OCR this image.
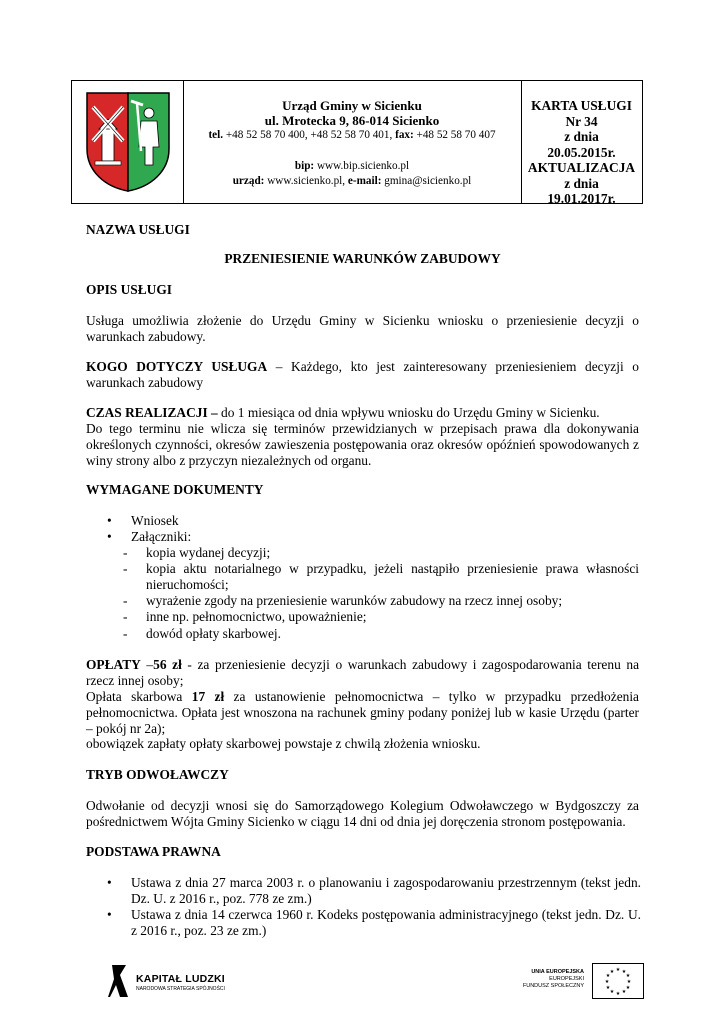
Urząd Gminy w Sicienku
ul. Mrotecka 9, 86-014 Sicienko
tel. +48 52 58 70 400, +48 52 58 70 401, fax: +48 52 58 70 407
bip: www.bip.sicienko.pl
urząd: www.sicienko.pl, e-mail: gmina@sicienko.pl
KARTA USŁUGI
Nr 34
z dnia
20.05.2015r.
AKTUALIZACJA
z dnia
19.01.2017r.
NAZWA USŁUGI
PRZENIESIENIE WARUNKÓW ZABUDOWY
OPIS USŁUGI
Usługa umożliwia złożenie do Urzędu Gminy w Sicienku wniosku o przeniesienie decyzji o warunkach zabudowy.
KOGO DOTYCZY USŁUGA – Każdego, kto jest zainteresowany przeniesieniem decyzji o warunkach zabudowy
CZAS REALIZACJI – do 1 miesiąca od dnia wpływu wniosku do Urzędu Gminy w Sicienku.
Do tego terminu nie wlicza się terminów przewidzianych w przepisach prawa dla dokonywania określonych czynności, okresów zawieszenia postępowania oraz okresów opóźnień spowodowanych z winy strony albo z przyczyn niezależnych od organu.
WYMAGANE DOKUMENTY
• Wniosek
• Załączniki:
- kopia wydanej decyzji;
- kopia aktu notarialnego w przypadku, jeżeli nastąpiło przeniesienie prawa własności nieruchomości;
- wyrażenie zgody na przeniesienie warunków zabudowy na rzecz innej osoby;
- inne np. pełnomocnictwo, upoważnienie;
- dowód opłaty skarbowej.
OPŁATY –56 zł - za przeniesienie decyzji o warunkach zabudowy i zagospodarowania terenu na rzecz innej osoby;
Opłata skarbowa 17 zł za ustanowienie pełnomocnictwa – tylko w przypadku przedłożenia pełnomocnictwa. Opłata jest wnoszona na rachunek gminy podany poniżej lub w kasie Urzędu (parter – pokój nr 2a);
obowiązek zapłaty opłaty skarbowej powstaje z chwilą złożenia wniosku.
TRYB ODWOŁAWCZY
Odwołanie od decyzji wnosi się do Samorządowego Kolegium Odwoławczego w Bydgoszczy za pośrednictwem Wójta Gminy Sicienko w ciągu 14 dni od dnia jej doręczenia stronom postępowania.
PODSTAWA PRAWNA
• Ustawa z dnia 27 marca 2003 r. o planowaniu i zagospodarowaniu przestrzennym (tekst jedn. Dz. U. z 2016 r., poz. 778 ze zm.)
• Ustawa z dnia 14 czerwca 1960 r. Kodeks postępowania administracyjnego (tekst jedn. Dz. U. z 2016 r., poz. 23 ze zm.)
KAPITAŁ LUDZKI
NARODOWA STRATEGIA SPÓJNOŚCI
UNIA EUROPEJSKA
EUROPEJSKI
FUNDUSZ SPOŁECZNY
★ ★
★
★
★
★
★
★
★
★
★
★
